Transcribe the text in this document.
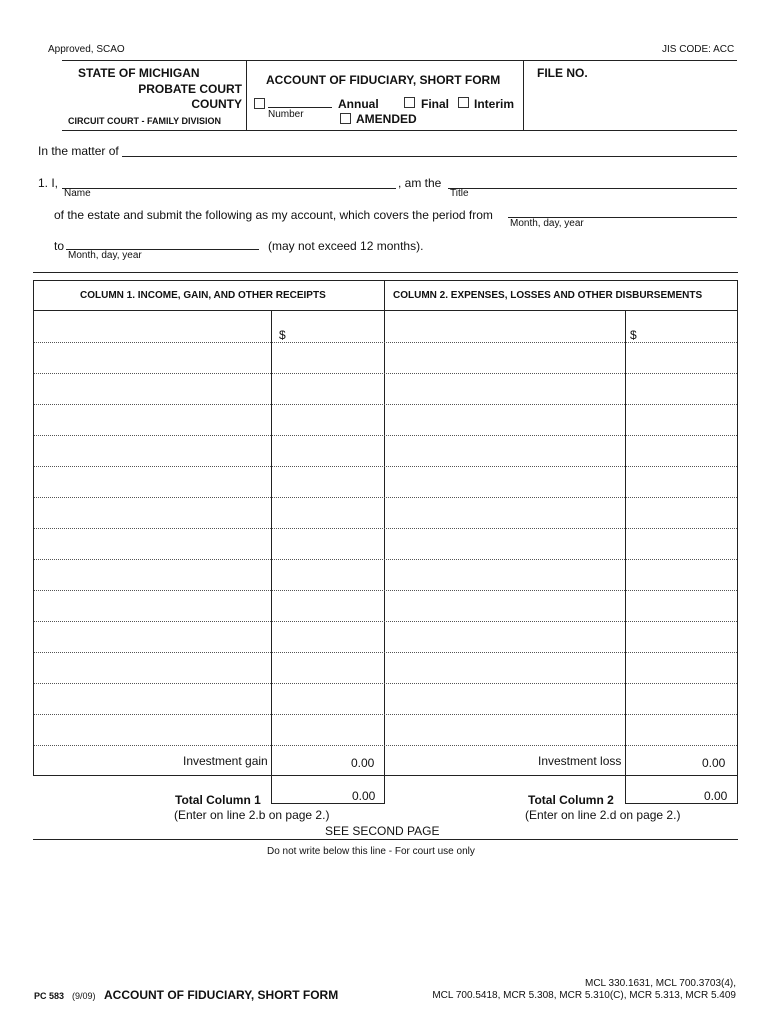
Approved, SCAO	JIS CODE: ACC
STATE OF MICHIGAN
PROBATE COURT
COUNTY
CIRCUIT COURT - FAMILY DIVISION
ACCOUNT OF FIDUCIARY, SHORT FORM
Number
Annual	Final Interim
AMENDED
FILE NO.
In the matter of
1. I,
Name
, am the
Title
of the estate and submit the following as my account, which covers the period from
Month, day, year
to
Month, day, year
(may not exceed 12 months).
COLUMN 1. INCOME, GAIN, AND OTHER RECEIPTS	COLUMN 2. EXPENSES, LOSSES AND OTHER DISBURSEMENTS
$	$
Investment gain	0.00	Investment loss	0.00
0.00	0.00
Total Column 1
(Enter on line 2.b on page 2.)
Total Column 2
(Enter on line 2.d on page 2.)
SEE SECOND PAGE
Do not write below this line - For court use only
MCL 330.1631, MCL 700.3703(4),
MCL 700.5418, MCR 5.308, MCR 5.310(C), MCR 5.313, MCR 5.409
PC 583 (9/09) ACCOUNT OF FIDUCIARY, SHORT FORM
